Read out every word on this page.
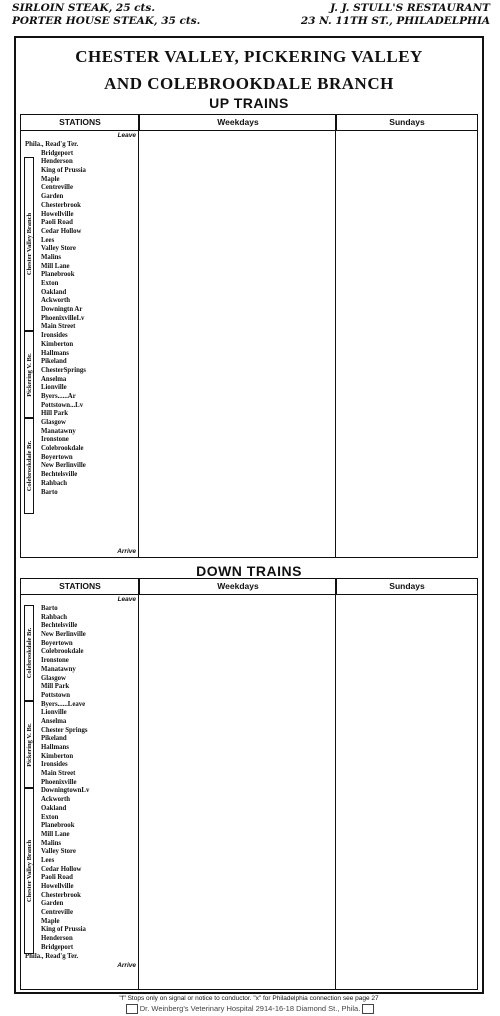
SIRLOIN STEAK, 25 cts.	J. J. STULL'S RESTAURANT
PORTER HOUSE STEAK, 35 cts.	23 N. 11TH ST., PHILADELPHIA
CHESTER VALLEY, PICKERING VALLEY
AND COLEBROOKDALE BRANCH
UP TRAINS
STATIONS	Weekdays	Sundays
Leave
Phila., Read'g Ter.
Bridgeport
Henderson
King of Prussia
Maple
Centreville
Garden
Chesterbrook
Howellville
Paoli Road
Cedar Hollow
Lees
Valley Store
Malins
Mill Lane
Planebrook
Exton
Oakland
Ackworth
Downingtn Ar
PhoenixvilleLv
Main Street
Ironsides
Kimberton
Hallmans
Pikeland
ChesterSprings
Anselma
Lionville
Byers......Ar
Pottstown...Lv
Hill Park
Glasgow
Manatawny
Ironstone
Colebrookdale
Boyertown
New Berlinville
Bechtelsville
Rahbach
Barto
Arrive
Chester Valley Branch
Pickering V. Br.
Colebrookdale Br.
DOWN TRAINS
STATIONS	Weekdays	Sundays
Leave
Barto
Rahbach
Bechtelsville
New Berlinville
Boyertown
Colebrookdale
Ironstone
Manatawny
Glasgow
Mill Park
Pottstown
Byers......Leave
Lionville
Anselma
Chester Springs
Pikeland
Hallmans
Kimberton
Ironsides
Main Street
Phoenixville
DowningtownLv
Ackworth
Oakland
Exton
Planebrook
Mill Lane
Malins
Valley Store
Lees
Cedar Hollow
Paoli Road
Howellville
Chesterbrook
Garden
Centreville
Maple
King of Prussia
Henderson
Bridgeport
Phila., Read'g Ter.
Arrive
Colebrookdale Br.
Pickering V. Br.
Chester Valley Branch
"f" Stops only on signal or notice to conductor. "x" for Philadelphia connection see page 27
Dr. Weinberg's Veterinary Hospital 2914-16-18 Diamond St., Phila.
